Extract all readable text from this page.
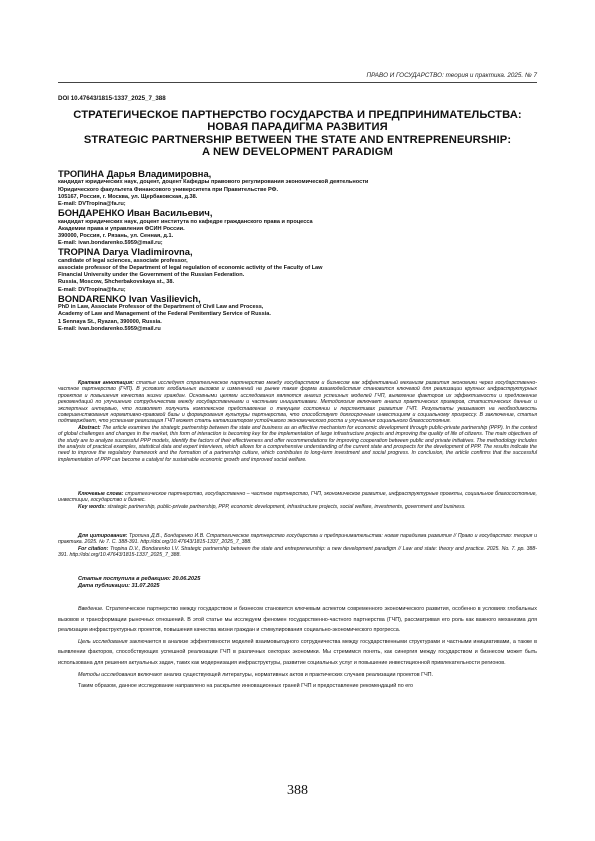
ПРАВО И ГОСУДАРСТВО: теория и практика. 2025. № 7
DOI 10.47643/1815-1337_2025_7_388
СТРАТЕГИЧЕСКОЕ ПАРТНЕРСТВО ГОСУДАРСТВА И ПРЕДПРИНИМАТЕЛЬСТВА:
НОВАЯ ПАРАДИГМА РАЗВИТИЯ
STRATEGIC PARTNERSHIP BETWEEN THE STATE AND ENTREPRENEURSHIP:
A NEW DEVELOPMENT PARADIGM
ТРОПИНА Дарья Владимировна,
кандидат юридических наук, доцент, доцент Кафедры правового регулирования экономической деятельности
Юридического факультета Финансового университета при Правительстве РФ.
105167, Россия, г. Москва, ул. Щербаковская, д.38.
E-mail: DVTropina@fa.ru;
БОНДАРЕНКО Иван Васильевич,
кандидат юридических наук, доцент института по кафедре гражданского права и процесса
Академии права и управления ФСИН России.
390000, Россия, г. Рязань, ул. Сенная, д.1.
E-mail: ivan.bondarenko.5959@mail.ru;
TROPINA Darya Vladimirovna,
candidate of legal sciences, associate professor,
associate professor of the Department of legal regulation of economic activity of the Faculty of Law
Financial University under the Government of the Russian Federation.
Russia, Moscow, Shcherbakovskaya st., 38.
E-mail: DVTropina@fa.ru;
BONDARENKO Ivan Vasilievich,
PhD in Law, Associate Professor of the Department of Civil Law and Process,
Academy of Law and Management of the Federal Penitentiary Service of Russia.
1 Sennaya St., Ryazan, 390000, Russia.
E-mail: ivan.bondarenko.5959@mail.ru

Краткая аннотация: статья исследует стратегическое партнерство между государством и бизнесом как эффективный механизм развития экономики через государственно-частное партнерство (ГЧП). В условиях глобальных вызовов и изменений на рынке такая форма взаимодействия становится ключевой для реализации крупных инфраструктурных проектов и повышения качества жизни граждан. Основными целями исследования являются анализ успешных моделей ГЧП, выявление факторов их эффективности и предложение рекомендаций по улучшению сотрудничества между государственными и частными инициативами. Методология включает анализ практических примеров, статистических данных и экспертных интервью, что позволяет получить комплексное представление о текущем состоянии и перспективах развития ГЧП. Результаты указывают на необходимость совершенствования нормативно-правовой базы и формирования культуры партнерства, что способствует долгосрочным инвестициям и социальному прогрессу. В заключение, статья подтверждает, что успешная реализация ГЧП может стать катализатором устойчивого экономического роста и улучшения социального благосостояния.

Abstract: The article examines the strategic partnership between the state and business as an effective mechanism for economic development through public-private partnership (PPP). In the context of global challenges and changes in the market, this form of interaction is becoming key for the implementation of large infrastructure projects and improving the quality of life of citizens. The main objectives of the study are to analyze successful PPP models, identify the factors of their effectiveness and offer recommendations for improving cooperation between public and private initiatives. The methodology includes the analysis of practical examples, statistical data and expert interviews, which allows for a comprehensive understanding of the current state and prospects for the development of PPP. The results indicate the need to improve the regulatory framework and the formation of a partnership culture, which contributes to long-term investment and social progress. In conclusion, the article confirms that the successful implementation of PPP can become a catalyst for sustainable economic growth and improved social welfare.

Ключевые слова: стратегическое партнерство, государственно – частное партнерство, ГЧП, экономическое развитие, инфраструктурные проекты, социальное благосостояние, инвестиции, государство и бизнес.

Key words: strategic partnership, public-private partnership, PPP, economic development, infrastructure projects, social welfare, investments, government and business.

Для цитирования: Тропина Д.В., Бондаренко И.В. Стратегическое партнерство государства и предпринимательства: новая парадигма развития // Право и государство: теория и практика. 2025. № 7. С. 388-391. http://doi.org/10.47643/1815-1337_2025_7_388.

For citation: Tropina D.V., Bondarenko I.V. Strategic partnership between the state and entrepreneurship: a new development paradigm // Law and state: theory and practice. 2025. No. 7. pp. 388-391. http://doi.org/10.47643/1815-1337_2025_7_388.

Статья поступила в редакцию: 20.06.2025
Дата публикации: 31.07.2025

Введение. Стратегическое партнерство между государством и бизнесом становится ключевым аспектом современного экономического развития, особенно в условиях глобальных вызовов и трансформации рыночных отношений. В этой статье мы исследуем феномен государственно-частного партнерства (ГЧП), рассматривая его роль как важного механизма для реализации инфраструктурных проектов, повышения качества жизни граждан и стимулирования социально-экономического прогресса.

Цель исследования заключается в анализе эффективности моделей взаимовыгодного сотрудничества между государственными структурами и частными инициативами, а также в выявлении факторов, способствующих успешной реализации ГЧП в различных секторах экономики. Мы стремимся понять, как синергия между государством и бизнесом может быть использована для решения актуальных задач, таких как модернизация инфраструктуры, развитие социальных услуг и повышение инвестиционной привлекательности регионов.

Методы исследования включают анализ существующей литературы, нормативных актов и практических случаев реализации проектов ГЧП.

Таким образом, данное исследование направлено на раскрытие инновационных граней ГЧП и предоставление рекомендаций по его

388
